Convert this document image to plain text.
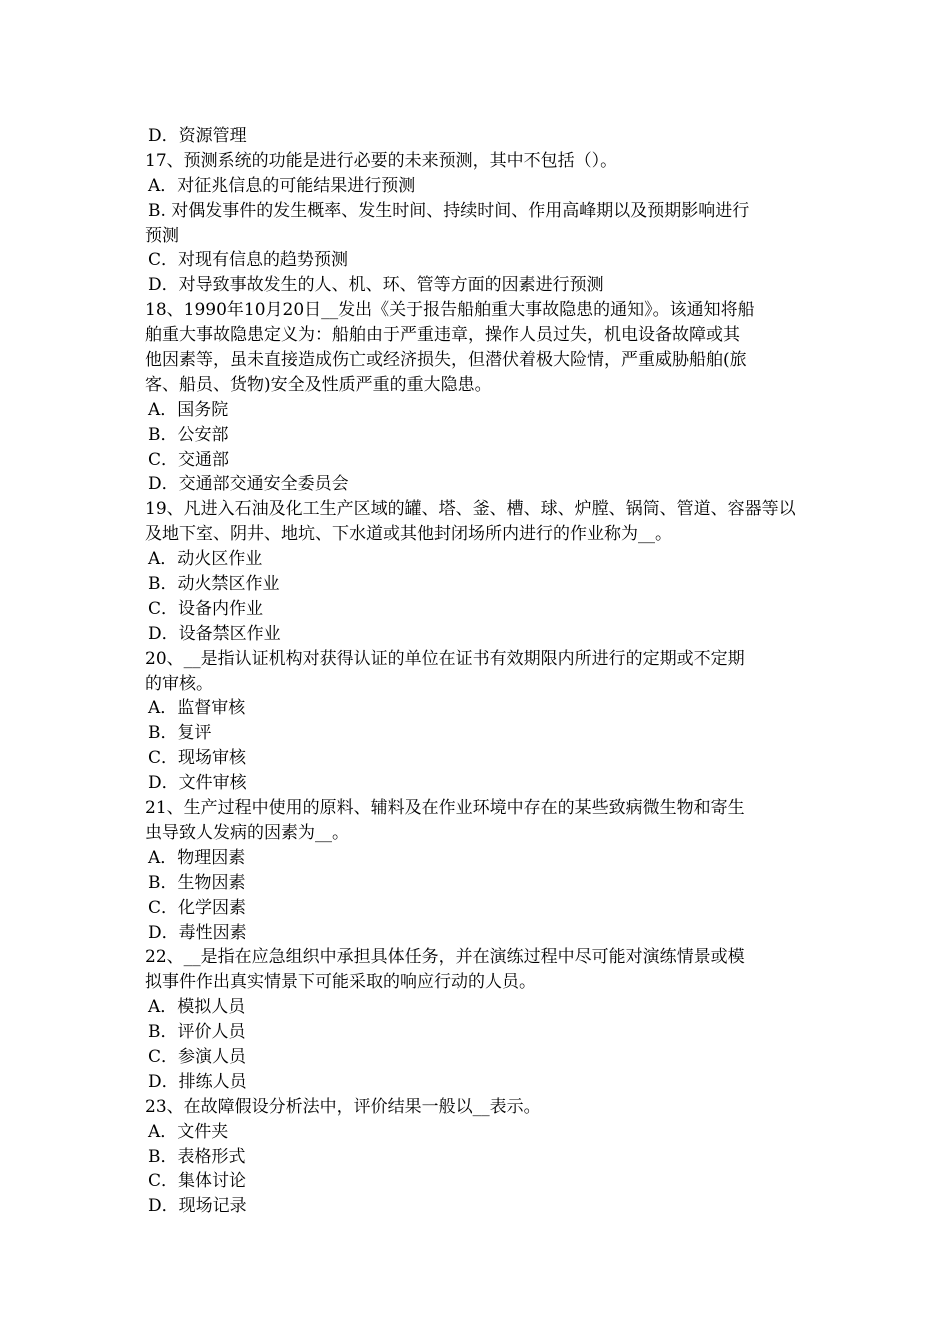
D．资源管理
17、预测系统的功能是进行必要的未来预测，其中不包括（）。
A．对征兆信息的可能结果进行预测
B. 对偶发事件的发生概率、发生时间、持续时间、作用高峰期以及预期影响进行
预测
C．对现有信息的趋势预测
D．对导致事故发生的人、机、环、管等方面的因素进行预测
18、1990年10月20日__发出《关于报告船舶重大事故隐患的通知》。该通知将船
舶重大事故隐患定义为：船舶由于严重违章，操作人员过失，机电设备故障或其
他因素等，虽未直接造成伤亡或经济损失，但潜伏着极大险情，严重威胁船舶(旅
客、船员、货物)安全及性质严重的重大隐患。
A．国务院
B．公安部
C．交通部
D．交通部交通安全委员会
19、凡进入石油及化工生产区域的罐、塔、釜、槽、球、炉膛、锅筒、管道、容器等以
及地下室、阴井、地坑、下水道或其他封闭场所内进行的作业称为__。
A．动火区作业
B．动火禁区作业
C．设备内作业
D．设备禁区作业
20、__是指认证机构对获得认证的单位在证书有效期限内所进行的定期或不定期
的审核。
A．监督审核
B．复评
C．现场审核
D．文件审核
21、生产过程中使用的原料、辅料及在作业环境中存在的某些致病微生物和寄生
虫导致人发病的因素为__。
A．物理因素
B．生物因素
C．化学因素
D．毒性因素
22、__是指在应急组织中承担具体任务，并在演练过程中尽可能对演练情景或模
拟事件作出真实情景下可能采取的响应行动的人员。
A．模拟人员
B．评价人员
C．参演人员
D．排练人员
23、在故障假设分析法中，评价结果一般以__表示。
A．文件夹
B．表格形式
C．集体讨论
D．现场记录
